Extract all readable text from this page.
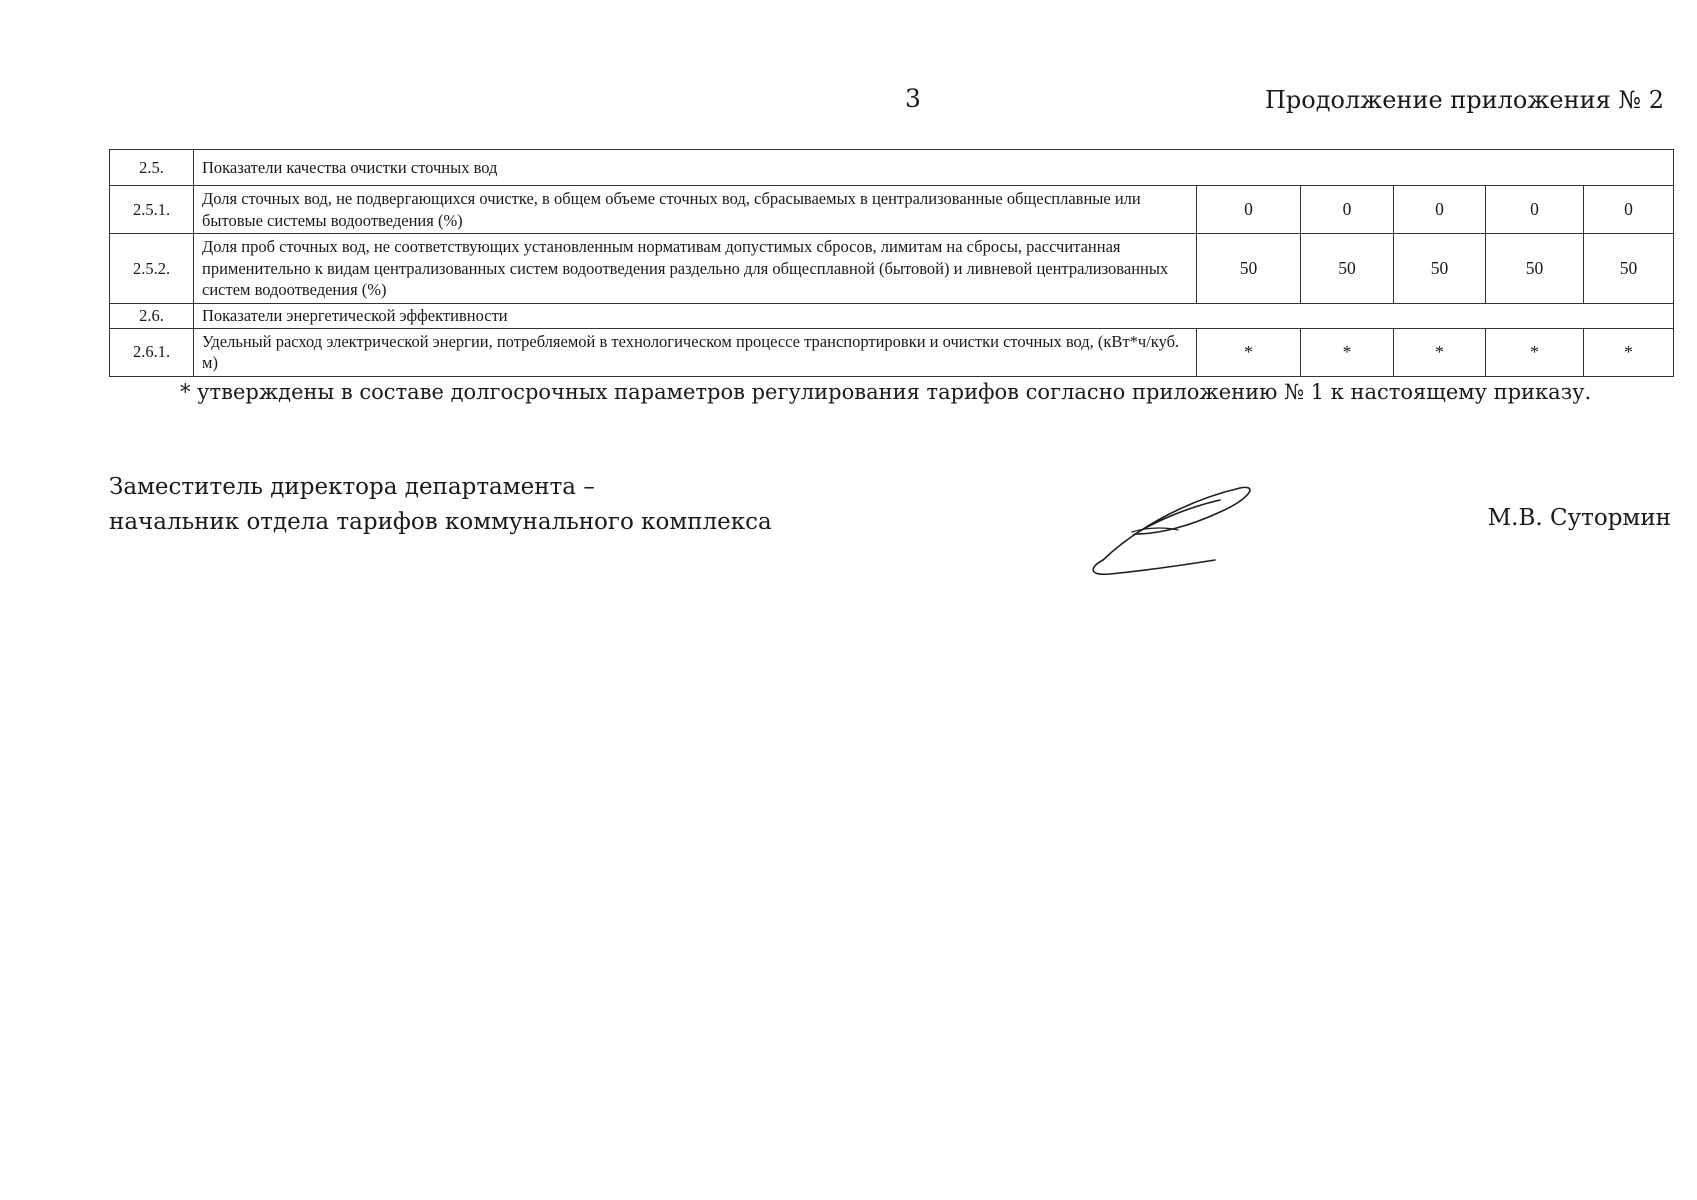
3	Продолжение приложения № 2
2.5.	Показатели качества очистки сточных вод					
2.5.1.	Доля сточных вод, не подвергающихся очистке, в общем объеме сточных вод, сбрасываемых в централизованные общесплавные или бытовые системы водоотведения (%)	0	0	0	0	0
2.5.2.	Доля проб сточных вод, не соответствующих установленным нормативам допустимых сбросов, лимитам на сбросы, рассчитанная применительно к видам централизованных систем водоотведения раздельно для общесплавной (бытовой) и ливневой централизованных систем водоотведения (%)	50	50	50	50	50
2.6.	Показатели энергетической эффективности					
2.6.1.	Удельный расход электрической энергии, потребляемой в технологическом процессе транспортировки и очистки сточных вод, (кВт*ч/куб. м)	*	*	*	*	*
* утверждены в составе долгосрочных параметров регулирования тарифов согласно приложению № 1 к настоящему приказу.
Заместитель директора департамента –
начальник отдела тарифов коммунального комплекса	М.В. Сутормин
